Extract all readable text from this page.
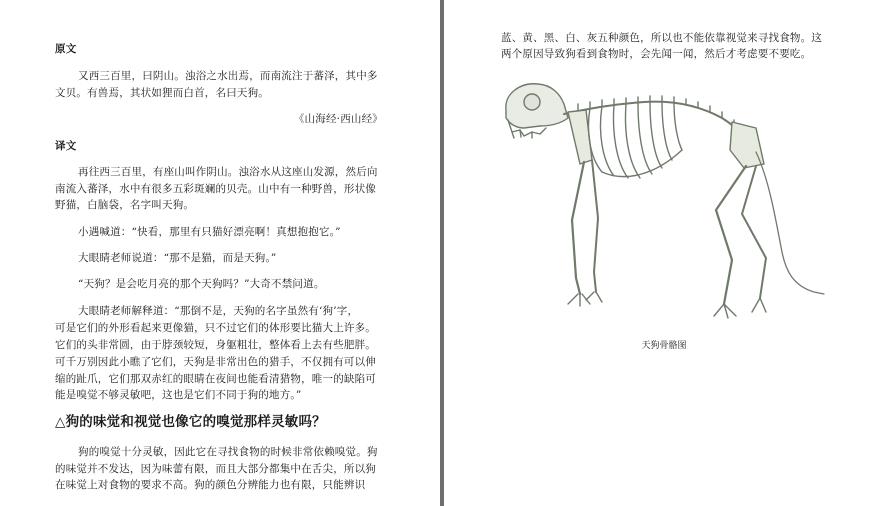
原文
又西三百里，曰阴山。浊浴之水出焉，而南流注于蕃泽，其中多
文贝。有兽焉，其状如狸而白首，名曰天狗。
《山海经·西山经》
译文
再往西三百里，有座山叫作阴山。浊浴水从这座山发源，然后向
南流入蕃泽，水中有很多五彩斑斓的贝壳。山中有一种野兽，形状像
野猫，白脑袋，名字叫天狗。
小遇喊道：“快看，那里有只猫好漂亮啊！真想抱抱它。”
大眼睛老师说道：“那不是猫，而是天狗。”
“天狗？是会吃月亮的那个天狗吗？”大奇不禁问道。
大眼睛老师解释道：“那倒不是，天狗的名字虽然有‘狗’字，
可是它们的外形看起来更像猫，只不过它们的体形要比猫大上许多。
它们的头非常圆，由于脖颈较短，身躯粗壮，整体看上去有些肥胖。
可千万别因此小瞧了它们，天狗是非常出色的猎手，不仅拥有可以伸
缩的趾爪，它们那双赤红的眼睛在夜间也能看清猎物，唯一的缺陷可
能是嗅觉不够灵敏吧，这也是它们不同于狗的地方。”
△狗的味觉和视觉也像它的嗅觉那样灵敏吗？
狗的嗅觉十分灵敏，因此它在寻找食物的时候非常依赖嗅觉。狗
的味觉并不发达，因为味蕾有限，而且大部分都集中在舌尖，所以狗
在味觉上对食物的要求不高。狗的颜色分辨能力也有限，只能辨识
蓝、黄、黑、白、灰五种颜色，所以也不能依靠视觉来寻找食物。这
两个原因导致狗看到食物时，会先闻一闻，然后才考虑要不要吃。
天狗骨骼图
